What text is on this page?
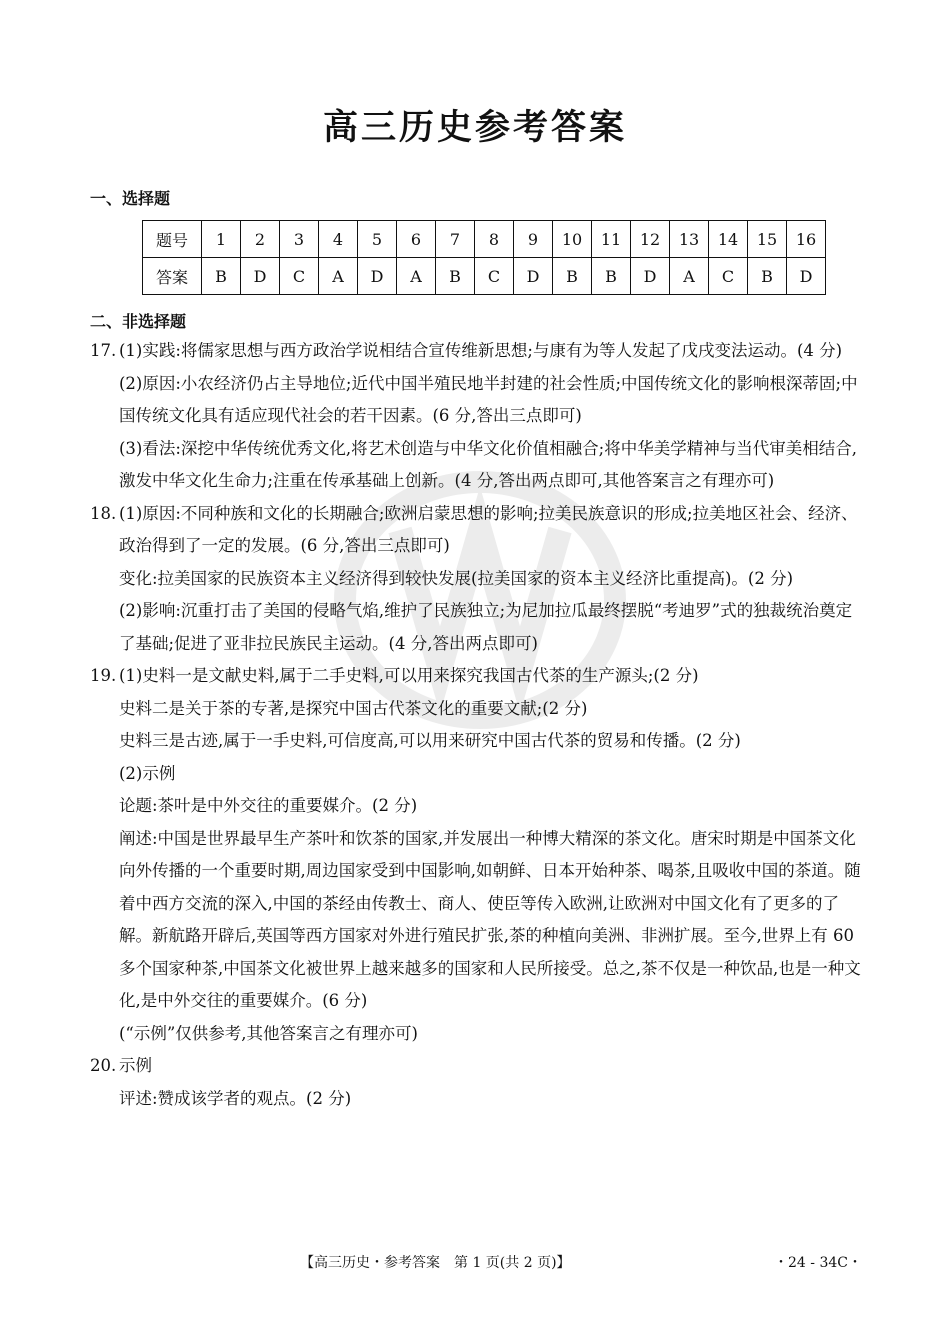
高三历史参考答案
一、选择题
题号	1	2	3	4	5	6	7	8	9	10	11	12	13	14	15	16
答案	B	D	C	A	D	A	B	C	D	B	B	D	A	C	B	D
二、非选择题
17. (1)实践:将儒家思想与西方政治学说相结合宣传维新思想;与康有为等人发起了戊戌变法运动。(4 分)
(2)原因:小农经济仍占主导地位;近代中国半殖民地半封建的社会性质;中国传统文化的影响根深蒂固;中国传统文化具有适应现代社会的若干因素。(6 分,答出三点即可)
(3)看法:深挖中华传统优秀文化,将艺术创造与中华文化价值相融合;将中华美学精神与当代审美相结合,激发中华文化生命力;注重在传承基础上创新。(4 分,答出两点即可,其他答案言之有理亦可)
18. (1)原因:不同种族和文化的长期融合;欧洲启蒙思想的影响;拉美民族意识的形成;拉美地区社会、经济、政治得到了一定的发展。(6 分,答出三点即可)
变化:拉美国家的民族资本主义经济得到较快发展(拉美国家的资本主义经济比重提高)。(2 分)
(2)影响:沉重打击了美国的侵略气焰,维护了民族独立;为尼加拉瓜最终摆脱“考迪罗”式的独裁统治奠定了基础;促进了亚非拉民族民主运动。(4 分,答出两点即可)
19. (1)史料一是文献史料,属于二手史料,可以用来探究我国古代茶的生产源头;(2 分)
史料二是关于茶的专著,是探究中国古代茶文化的重要文献;(2 分)
史料三是古迹,属于一手史料,可信度高,可以用来研究中国古代茶的贸易和传播。(2 分)
(2)示例
论题:茶叶是中外交往的重要媒介。(2 分)
阐述:中国是世界最早生产茶叶和饮茶的国家,并发展出一种博大精深的茶文化。唐宋时期是中国茶文化向外传播的一个重要时期,周边国家受到中国影响,如朝鲜、日本开始种茶、喝茶,且吸收中国的茶道。随着中西方交流的深入,中国的茶经由传教士、商人、使臣等传入欧洲,让欧洲对中国文化有了更多的了解。新航路开辟后,英国等西方国家对外进行殖民扩张,茶的种植向美洲、非洲扩展。至今,世界上有 60 多个国家种茶,中国茶文化被世界上越来越多的国家和人民所接受。总之,茶不仅是一种饮品,也是一种文化,是中外交往的重要媒介。(6 分)
(“示例”仅供参考,其他答案言之有理亦可)
20. 示例
评述:赞成该学者的观点。(2 分)
【高三历史・参考答案　第 1 页(共 2 页)】	・24 - 34C・
